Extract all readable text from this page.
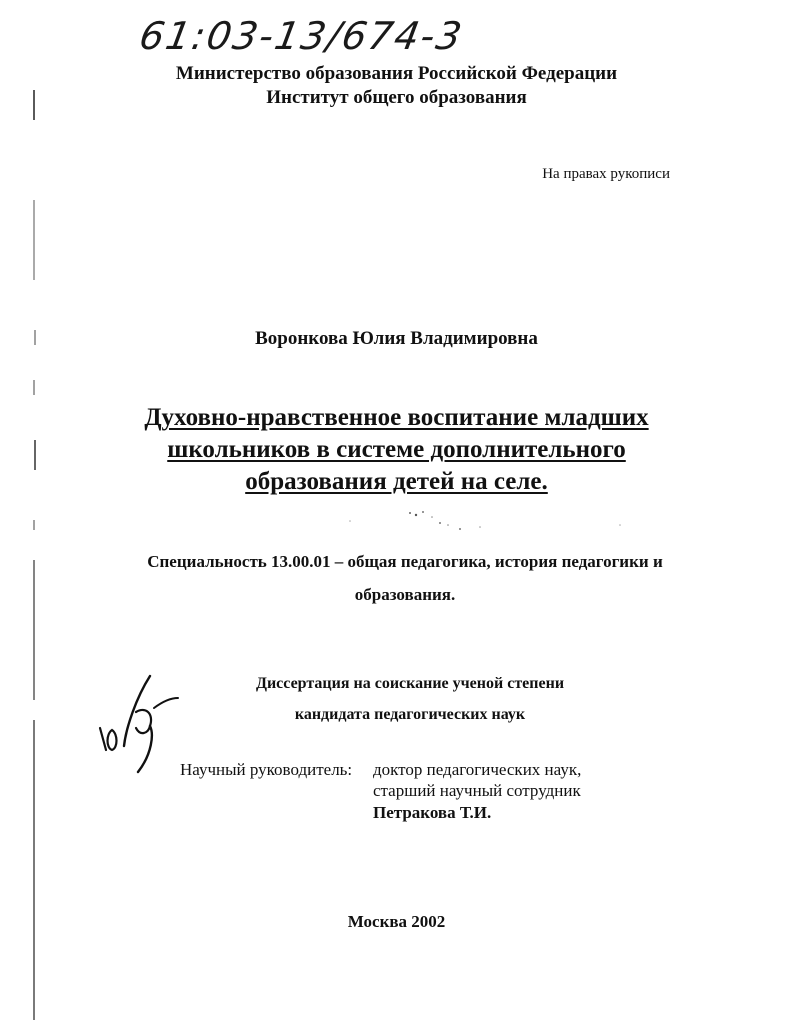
61:03-13/674-3
Министерство образования Российской Федерации
Институт общего образования
На правах рукописи
Воронкова Юлия Владимировна
Духовно-нравственное воспитание младших
школьников в системе дополнительного
образования детей на селе.
Специальность 13.00.01 – общая педагогика, история педагогики и
образования.
Диссертация на соискание ученой степени
кандидата педагогических наук
Научный руководитель: доктор педагогических наук,
старший научный сотрудник
Петракова Т.И.
Москва 2002
